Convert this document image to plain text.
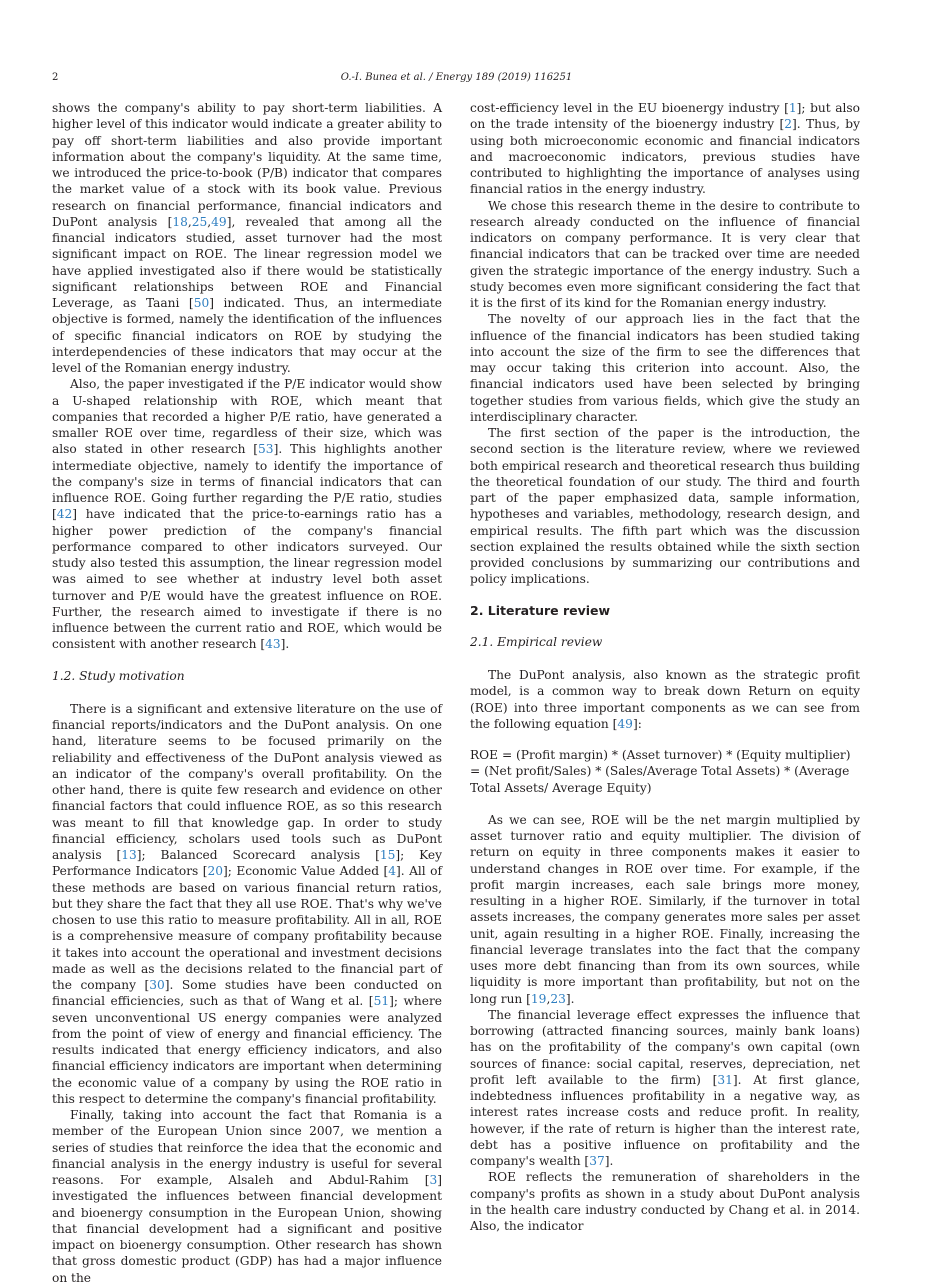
2	O.-I. Bunea et al. / Energy 189 (2019) 116251

shows the company's ability to pay short-term liabilities. A higher level of this indicator would indicate a greater ability to pay off short-term liabilities and also provide important information about the company's liquidity. At the same time, we introduced the price-to-book (P/B) indicator that compares the market value of a stock with its book value. Previous research on financial performance, financial indicators and DuPont analysis [18,25,49], revealed that among all the financial indicators studied, asset turnover had the most significant impact on ROE. The linear regression model we have applied investigated also if there would be statistically significant relationships between ROE and Financial Leverage, as Taani [50] indicated. Thus, an intermediate objective is formed, namely the identification of the influences of specific financial indicators on ROE by studying the interdependencies of these indicators that may occur at the level of the Romanian energy industry.

Also, the paper investigated if the P/E indicator would show a U-shaped relationship with ROE, which meant that companies that recorded a higher P/E ratio, have generated a smaller ROE over time, regardless of their size, which was also stated in other research [53]. This highlights another intermediate objective, namely to identify the importance of the company's size in terms of financial indicators that can influence ROE. Going further regarding the P/E ratio, studies [42] have indicated that the price-to-earnings ratio has a higher power prediction of the company's financial performance compared to other indicators surveyed. Our study also tested this assumption, the linear regression model was aimed to see whether at industry level both asset turnover and P/E would have the greatest influence on ROE. Further, the research aimed to investigate if there is no influence between the current ratio and ROE, which would be consistent with another research [43].

1.2. Study motivation

There is a significant and extensive literature on the use of financial reports/indicators and the DuPont analysis. On one hand, literature seems to be focused primarily on the reliability and effectiveness of the DuPont analysis viewed as an indicator of the company's overall profitability. On the other hand, there is quite few research and evidence on other financial factors that could influence ROE, as so this research was meant to fill that knowledge gap. In order to study financial efficiency, scholars used tools such as DuPont analysis [13]; Balanced Scorecard analysis [15]; Key Performance Indicators [20]; Economic Value Added [4]. All of these methods are based on various financial return ratios, but they share the fact that they all use ROE. That's why we've chosen to use this ratio to measure profitability. All in all, ROE is a comprehensive measure of company profitability because it takes into account the operational and investment decisions made as well as the decisions related to the financial part of the company [30]. Some studies have been conducted on financial efficiencies, such as that of Wang et al. [51]; where seven unconventional US energy companies were analyzed from the point of view of energy and financial efficiency. The results indicated that energy efficiency indicators, and also financial efficiency indicators are important when determining the economic value of a company by using the ROE ratio in this respect to determine the company's financial profitability.

Finally, taking into account the fact that Romania is a member of the European Union since 2007, we mention a series of studies that reinforce the idea that the economic and financial analysis in the energy industry is useful for several reasons. For example, Alsaleh and Abdul-Rahim [3] investigated the influences between financial development and bioenergy consumption in the European Union, showing that financial development had a significant and positive impact on bioenergy consumption. Other research has shown that gross domestic product (GDP) has had a major influence on the

cost-efficiency level in the EU bioenergy industry [1]; but also on the trade intensity of the bioenergy industry [2]. Thus, by using both microeconomic economic and financial indicators and macroeconomic indicators, previous studies have contributed to highlighting the importance of analyses using financial ratios in the energy industry.

We chose this research theme in the desire to contribute to research already conducted on the influence of financial indicators on company performance. It is very clear that financial indicators that can be tracked over time are needed given the strategic importance of the energy industry. Such a study becomes even more significant considering the fact that it is the first of its kind for the Romanian energy industry.

The novelty of our approach lies in the fact that the influence of the financial indicators has been studied taking into account the size of the firm to see the differences that may occur taking this criterion into account. Also, the financial indicators used have been selected by bringing together studies from various fields, which give the study an interdisciplinary character.

The first section of the paper is the introduction, the second section is the literature review, where we reviewed both empirical research and theoretical research thus building the theoretical foundation of our study. The third and fourth part of the paper emphasized data, sample information, hypotheses and variables, methodology, research design, and empirical results. The fifth part which was the discussion section explained the results obtained while the sixth section provided conclusions by summarizing our contributions and policy implications.

2. Literature review
2.1. Empirical review

The DuPont analysis, also known as the strategic profit model, is a common way to break down Return on equity (ROE) into three important components as we can see from the following equation [49]:

ROE = (Profit margin) * (Asset turnover) * (Equity multiplier) = (Net profit/Sales) * (Sales/Average Total Assets) * (Average Total Assets/ Average Equity)

As we can see, ROE will be the net margin multiplied by asset turnover ratio and equity multiplier. The division of return on equity in three components makes it easier to understand changes in ROE over time. For example, if the profit margin increases, each sale brings more money, resulting in a higher ROE. Similarly, if the turnover in total assets increases, the company generates more sales per asset unit, again resulting in a higher ROE. Finally, increasing the financial leverage translates into the fact that the company uses more debt financing than from its own sources, while liquidity is more important than profitability, but not on the long run [19,23].

The financial leverage effect expresses the influence that borrowing (attracted financing sources, mainly bank loans) has on the profitability of the company's own capital (own sources of finance: social capital, reserves, depreciation, net profit left available to the firm) [31]. At first glance, indebtedness influences profitability in a negative way, as interest rates increase costs and reduce profit. In reality, however, if the rate of return is higher than the interest rate, debt has a positive influence on profitability and the company's wealth [37].

ROE reflects the remuneration of shareholders in the company's profits as shown in a study about DuPont analysis in the health care industry conducted by Chang et al. in 2014. Also, the indicator
